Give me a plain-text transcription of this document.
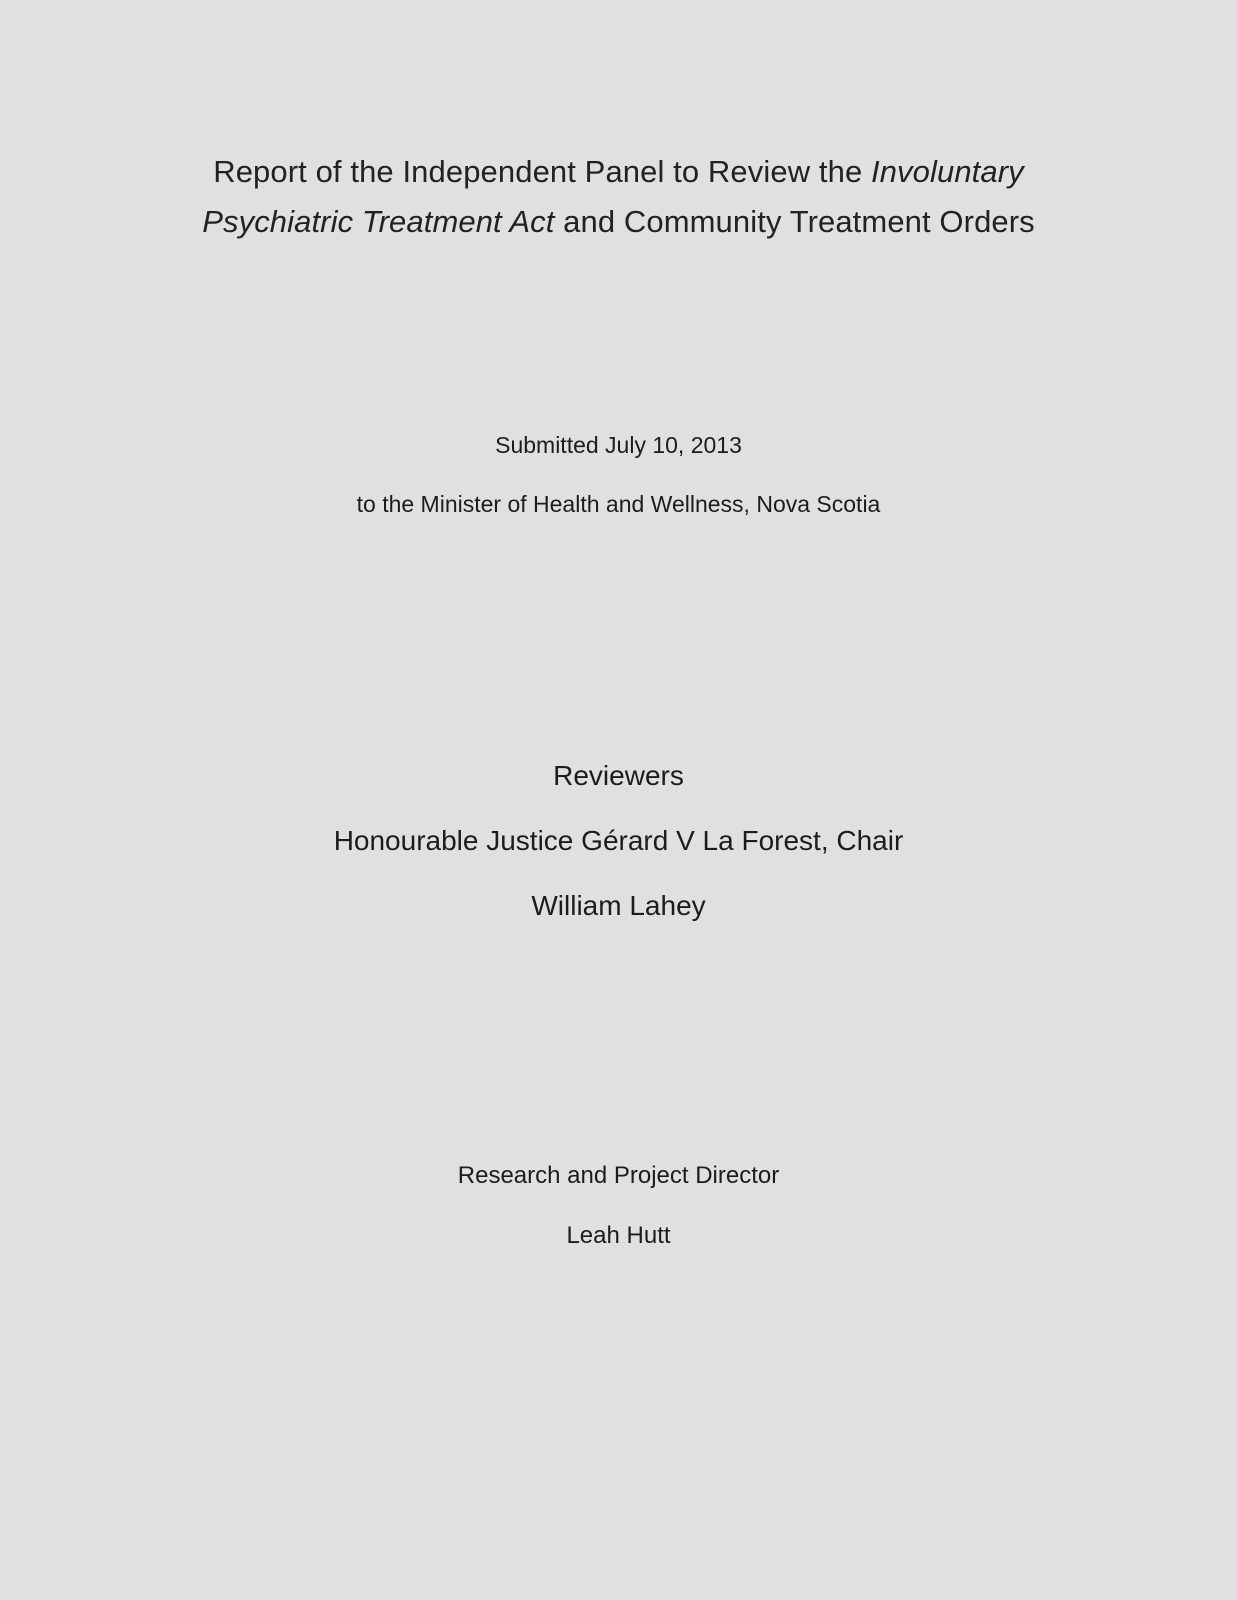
Report of the Independent Panel to Review the Involuntary
Psychiatric Treatment Act and Community Treatment Orders
Submitted July 10, 2013
to the Minister of Health and Wellness, Nova Scotia
Reviewers
Honourable Justice Gérard V La Forest, Chair
William Lahey
Research and Project Director
Leah Hutt
